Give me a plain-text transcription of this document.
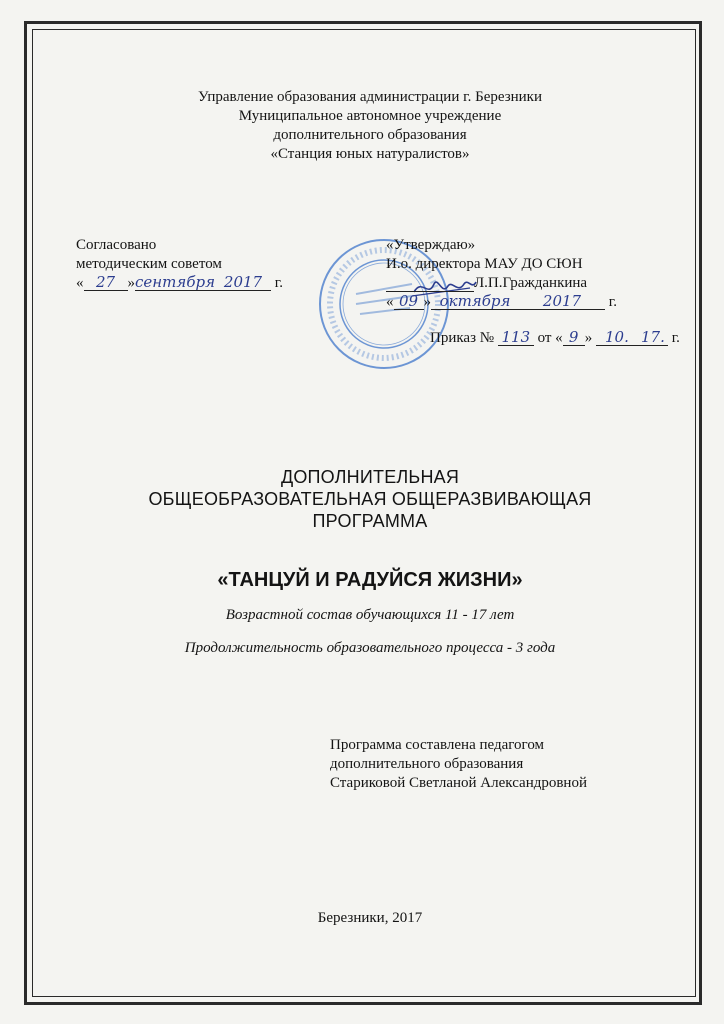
Управление образования администрации г. Березники
Муниципальное автономное учреждение
дополнительного образования
«Станция юных натуралистов»
Согласовано
методическим советом
« 27 »сентября 2017 г.
«Утверждаю»
И.о. директора МАУ ДО СЮН
Л.П.Гражданкина
« 09 » октября 2017 г.
Приказ № 113 от « 9 » 10. 17. г.
ДОПОЛНИТЕЛЬНАЯ
ОБЩЕОБРАЗОВАТЕЛЬНАЯ ОБЩЕРАЗВИВАЮЩАЯ
ПРОГРАММА
«ТАНЦУЙ И РАДУЙСЯ ЖИЗНИ»
Возрастной состав обучающихся 11 - 17 лет
Продолжительность образовательного процесса - 3 года
Программа составлена педагогом
дополнительного образования
Стариковой Светланой Александровной
Березники, 2017
